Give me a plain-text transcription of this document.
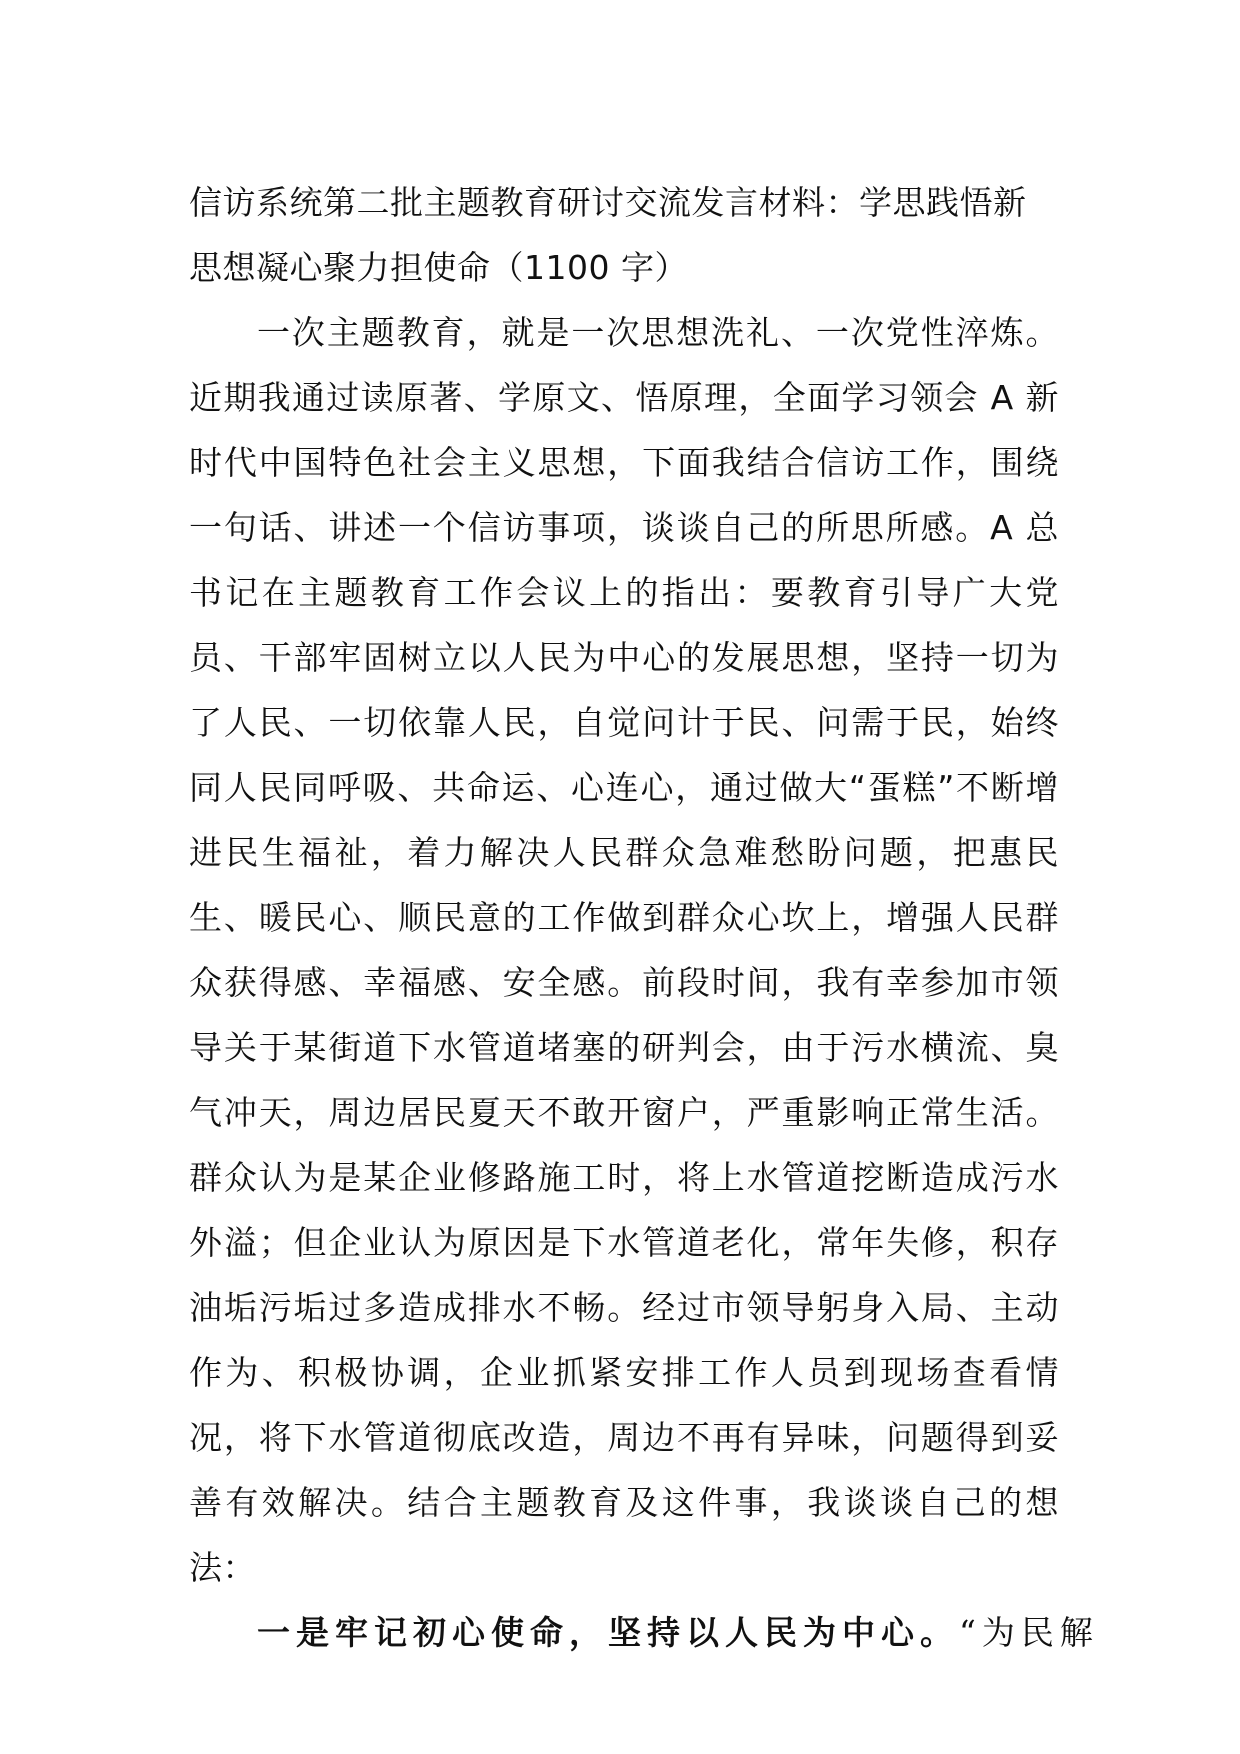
信访系统第二批主题教育研讨交流发言材料：学思践悟新思想凝心聚力担使命（1100 字）

一次主题教育，就是一次思想洗礼、一次党性淬炼。近期我通过读原著、学原文、悟原理，全面学习领会 A 新时代中国特色社会主义思想，下面我结合信访工作，围绕一句话、讲述一个信访事项，谈谈自己的所思所感。A 总书记在主题教育工作会议上的指出：要教育引导广大党员、干部牢固树立以人民为中心的发展思想，坚持一切为了人民、一切依靠人民，自觉问计于民、问需于民，始终同人民同呼吸、共命运、心连心，通过做大“蛋糕”不断增进民生福祉，着力解决人民群众急难愁盼问题，把惠民生、暖民心、顺民意的工作做到群众心坎上，增强人民群众获得感、幸福感、安全感。前段时间，我有幸参加市领导关于某街道下水管道堵塞的研判会，由于污水横流、臭气冲天，周边居民夏天不敢开窗户，严重影响正常生活。群众认为是某企业修路施工时，将上水管道挖断造成污水外溢；但企业认为原因是下水管道老化，常年失修，积存油垢污垢过多造成排水不畅。经过市领导躬身入局、主动作为、积极协调，企业抓紧安排工作人员到现场查看情况，将下水管道彻底改造，周边不再有异味，问题得到妥善有效解决。结合主题教育及这件事，我谈谈自己的想法：

一是牢记初心使命，坚持以人民为中心。“为民解
